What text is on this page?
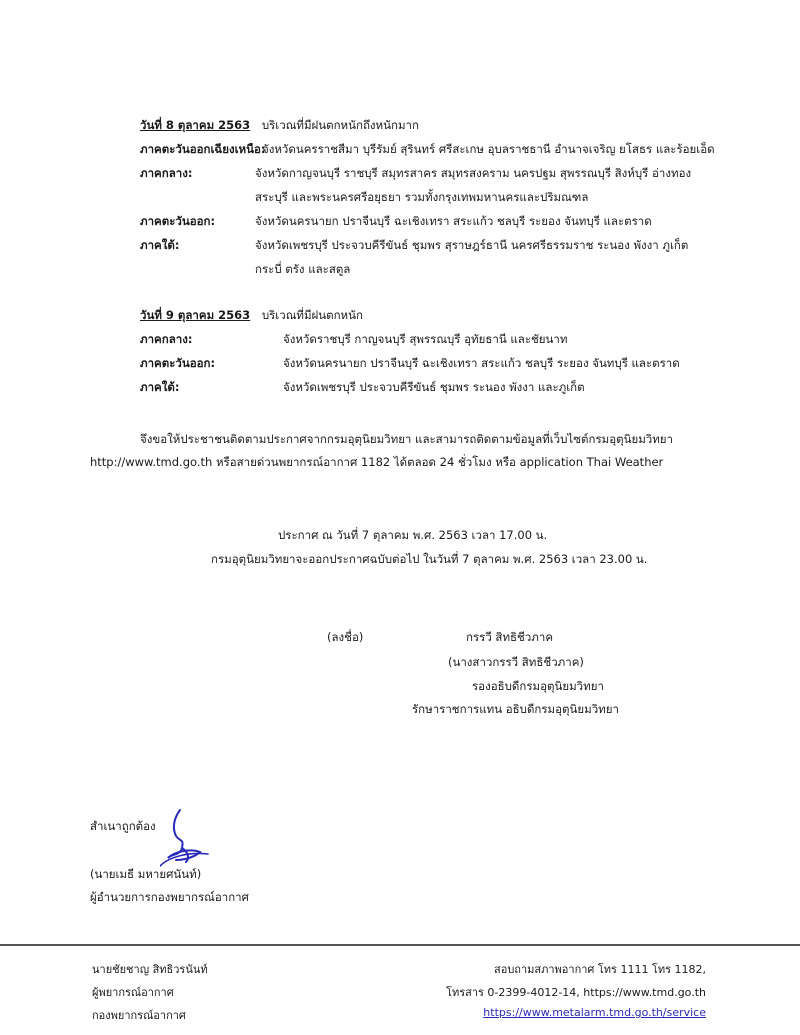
วันที่ 8 ตุลาคม 2563 บริเวณที่มีฝนตกหนักถึงหนักมาก
ภาคตะวันออกเฉียงเหนือ:
จังหวัดนครราชสีมา บุรีรัมย์ สุรินทร์ ศรีสะเกษ อุบลราชธานี อำนาจเจริญ ยโสธร และร้อยเอ็ด
ภาคกลาง:	จังหวัดกาญจนบุรี ราชบุรี สมุทรสาคร สมุทรสงคราม นครปฐม สุพรรณบุรี สิงห์บุรี อ่างทอง
สระบุรี และพระนครศรีอยุธยา รวมทั้งกรุงเทพมหานครและปริมณฑล
ภาคตะวันออก:	จังหวัดนครนายก ปราจีนบุรี ฉะเชิงเทรา สระแก้ว ชลบุรี ระยอง จันทบุรี และตราด
ภาคใต้:	จังหวัดเพชรบุรี ประจวบคีรีขันธ์ ชุมพร สุราษฎร์ธานี นครศรีธรรมราช ระนอง พังงา ภูเก็ต
กระบี่ ตรัง และสตูล
วันที่ 9 ตุลาคม 2563 บริเวณที่มีฝนตกหนัก
ภาคกลาง:	จังหวัดราชบุรี กาญจนบุรี สุพรรณบุรี อุทัยธานี และชัยนาท
ภาคตะวันออก:	จังหวัดนครนายก ปราจีนบุรี ฉะเชิงเทรา สระแก้ว ชลบุรี ระยอง จันทบุรี และตราด
ภาคใต้:	จังหวัดเพชรบุรี ประจวบคีรีขันธ์ ชุมพร ระนอง พังงา และภูเก็ต
จึงขอให้ประชาชนติดตามประกาศจากกรมอุตุนิยมวิทยา และสามารถติดตามข้อมูลที่เว็บไซต์กรมอุตุนิยมวิทยา
http://www.tmd.go.th หรือสายด่วนพยากรณ์อากาศ 1182 ได้ตลอด 24 ชั่วโมง หรือ application Thai Weather
ประกาศ ณ วันที่ 7 ตุลาคม พ.ศ. 2563 เวลา 17.00 น.
กรมอุตุนิยมวิทยาจะออกประกาศฉบับต่อไป ในวันที่ 7 ตุลาคม พ.ศ. 2563 เวลา 23.00 น.
(ลงชื่อ)	กรรวี สิทธิชีวภาค
(นางสาวกรรวี สิทธิชีวภาค)
รองอธิบดีกรมอุตุนิยมวิทยา
รักษาราชการแทน อธิบดีกรมอุตุนิยมวิทยา
สำเนาถูกต้อง
(นายเมธี มหายศนันท์)
ผู้อำนวยการกองพยากรณ์อากาศ
นายชัยชาญ สิทธิวรนันท์
ผู้พยากรณ์อากาศ
กองพยากรณ์อากาศ
สอบถามสภาพอากาศ โทร 1111 โทร 1182,
โทรสาร 0-2399-4012-14, https://www.tmd.go.th
https://www.metalarm.tmd.go.th/service
